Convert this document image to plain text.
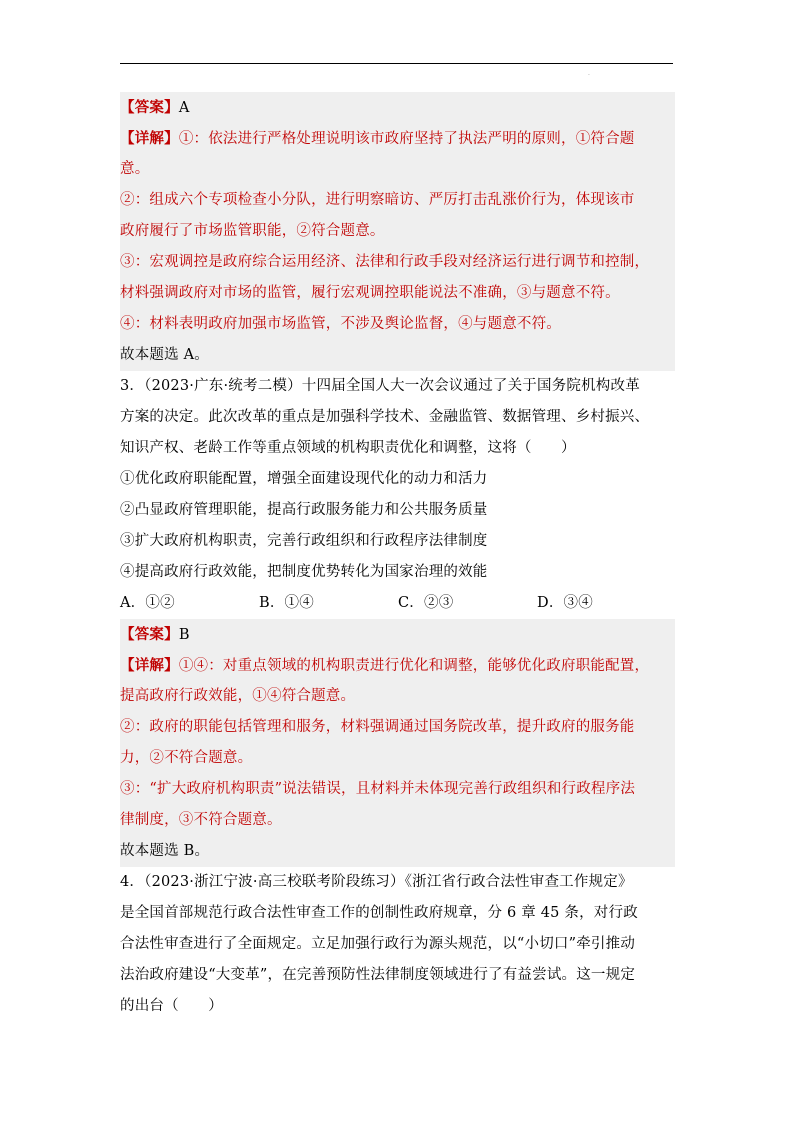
.
【答案】A
【详解】①：依法进行严格处理说明该市政府坚持了执法严明的原则，①符合题
意。
②：组成六个专项检查小分队，进行明察暗访、严厉打击乱涨价行为，体现该市
政府履行了市场监管职能，②符合题意。
③：宏观调控是政府综合运用经济、法律和行政手段对经济运行进行调节和控制，
材料强调政府对市场的监管，履行宏观调控职能说法不准确，③与题意不符。
④：材料表明政府加强市场监管，不涉及舆论监督，④与题意不符。
故本题选 A。
3．（2023·广东·统考二模）十四届全国人大一次会议通过了关于国务院机构改革
方案的决定。此次改革的重点是加强科学技术、金融监管、数据管理、乡村振兴、
知识产权、老龄工作等重点领域的机构职责优化和调整，这将（　　）
①优化政府职能配置，增强全面建设现代化的动力和活力
②凸显政府管理职能，提高行政服务能力和公共服务质量
③扩大政府机构职责，完善行政组织和行政程序法律制度
④提高政府行政效能，把制度优势转化为国家治理的效能
A．①②	B．①④	C．②③	D．③④
【答案】B
【详解】①④：对重点领域的机构职责进行优化和调整，能够优化政府职能配置，
提高政府行政效能，①④符合题意。
②：政府的职能包括管理和服务，材料强调通过国务院改革，提升政府的服务能
力，②不符合题意。
③：“扩大政府机构职责”说法错误，且材料并未体现完善行政组织和行政程序法
律制度，③不符合题意。
故本题选 B。
4．（2023·浙江宁波·高三校联考阶段练习）《浙江省行政合法性审查工作规定》
是全国首部规范行政合法性审查工作的创制性政府规章，分 6 章 45 条，对行政
合法性审查进行了全面规定。立足加强行政行为源头规范，以“小切口”牵引推动
法治政府建设“大变革”，在完善预防性法律制度领域进行了有益尝试。这一规定
的出台（　　）
